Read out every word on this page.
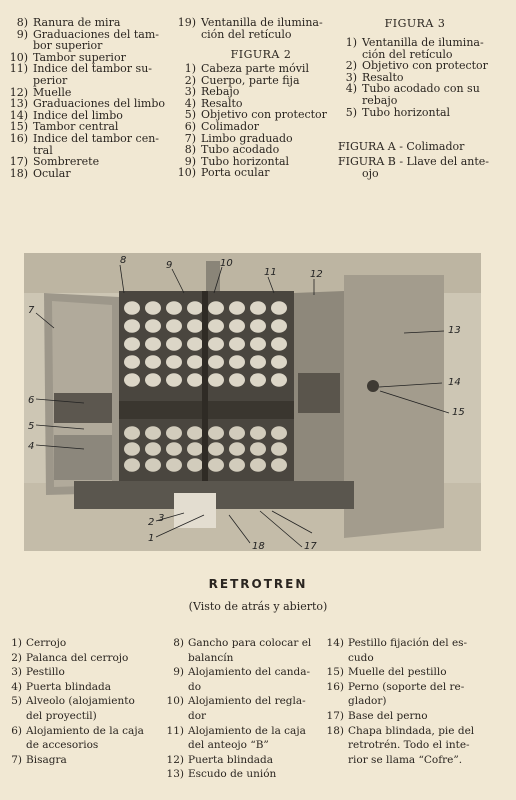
8) Ranura de mira
9) Graduaciones del tam-
bor superior
10) Tambor superior
11) Indice del tambor su-
perior
12) Muelle
13) Graduaciones del limbo
14) Indice del limbo
15) Tambor central
16) Indice del tambor cen-
tral
17) Sombrerete
18) Ocular
19) Ventanilla de ilumina-
ción del retículo
FIGURA 2
1) Cabeza parte móvil
2) Cuerpo, parte fija
3) Rebajo
4) Resalto
5) Objetivo con protector
6) Colimador
7) Limbo graduado
8) Tubo acodado
9) Tubo horizontal
10) Porta ocular
FIGURA 3
1) Ventanilla de ilumina-
ción del retículo
2) Objetivo con protector
3) Resalto
4) Tubo acodado con su
rebajo
5) Tubo horizontal
FIGURA A - Colimador
FIGURA B - Llave del ante-
ojo
8	9	10
11	12
7
6
5
4
13
14
15
3
2
1
18	17
RETROTREN
(Visto de atrás y abierto)
1) Cerrojo
2) Palanca del cerrojo
3) Pestillo
4) Puerta blindada
5) Alveolo (alojamiento
del proyectil)
6) Alojamiento de la caja
de accesorios
7) Bisagra
8) Gancho para colocar el
balancín
9) Alojamiento del canda-
do
10) Alojamiento del regla-
dor
11) Alojamiento de la caja
del anteojo “B”
12) Puerta blindada
13) Escudo de unión
14) Pestillo fijación del es-
cudo
15) Muelle del pestillo
16) Perno (soporte del re-
glador)
17) Base del perno
18) Chapa blindada, pie del
retrotrén. Todo el inte-
rior se llama “Cofre”.
